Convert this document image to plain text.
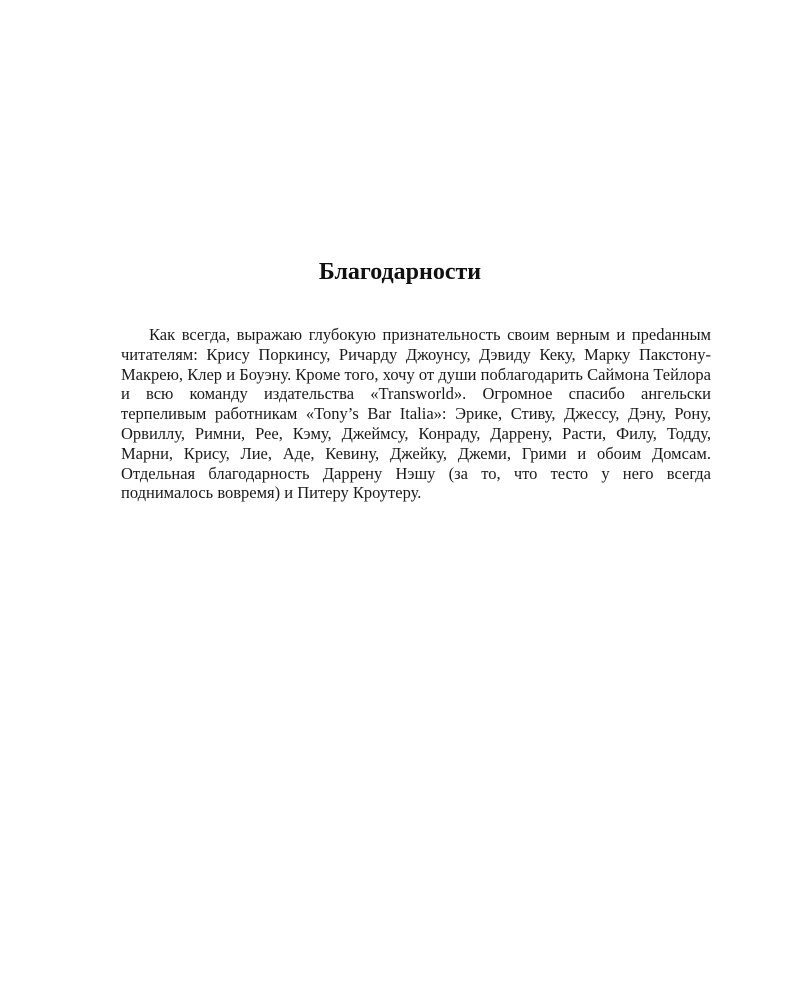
Благодарности

Как всегда, выражаю глубокую признательность своим верным и преdанным читателям: Крису Поркинсу, Ричарду Джоунсу, Дэвиду Кеку, Марку Пакстону-Макрею, Клер и Боуэну. Кроме того, хочу от души поблагодарить Саймона Тейлора и всю команду издательства «Transworld». Огромное спасибо ангельски терпеливым работникам «Tony’s Bar Italia»: Эрике, Стиву, Джессу, Дэну, Рону, Орвиллу, Римни, Рее, Кэму, Джеймсу, Конраду, Даррену, Расти, Филу, Тодду, Марни, Крису, Лие, Аде, Кевину, Джейку, Джеми, Грими и обоим Домсам. Отдельная благодарность Даррену Нэшу (за то, что тесто у него всегда поднималось вовремя) и Питеру Кроутеру.
